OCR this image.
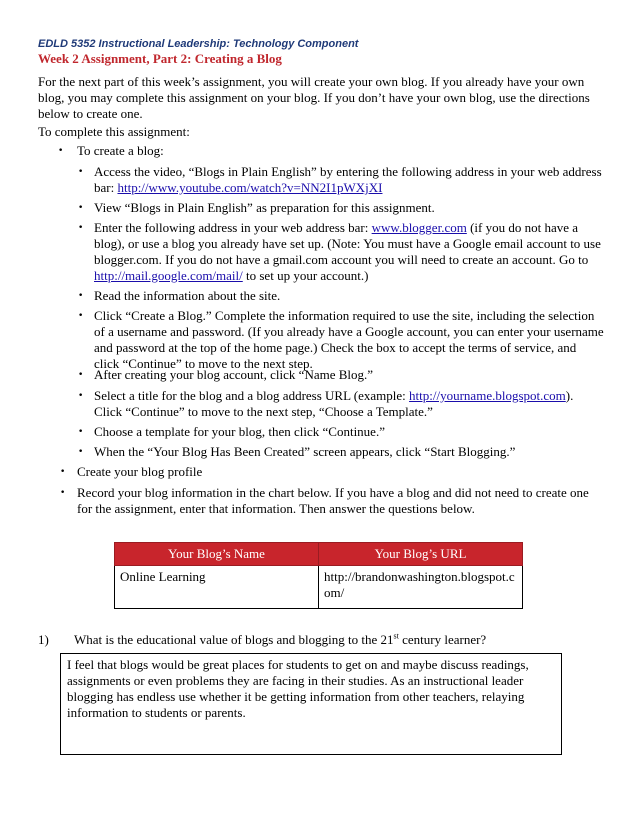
EDLD 5352 Instructional Leadership: Technology Component
Week 2 Assignment, Part 2: Creating a Blog
For the next part of this week’s assignment, you will create your own blog. If you already have your own blog, you may complete this assignment on your blog. If you don’t have your own blog, use the directions below to create one.
To complete this assignment:
• To create a blog:
• Access the video, “Blogs in Plain English” by entering the following address in your web address bar: http://www.youtube.com/watch?v=NN2I1pWXjXI
• View “Blogs in Plain English” as preparation for this assignment.
• Enter the following address in your web address bar: www.blogger.com (if you do not have a blog), or use a blog you already have set up. (Note: You must have a Google email account to use blogger.com. If you do not have a gmail.com account you will need to create an account. Go to http://mail.google.com/mail/ to set up your account.)
• Read the information about the site.
• Click “Create a Blog.” Complete the information required to use the site, including the selection of a username and password. (If you already have a Google account, you can enter your username and password at the top of the home page.) Check the box to accept the terms of service, and click “Continue” to move to the next step.
• After creating your blog account, click “Name Blog.”
• Select a title for the blog and a blog address URL (example: http://yourname.blogspot.com). Click “Continue” to move to the next step, “Choose a Template.”
• Choose a template for your blog, then click “Continue.”
• When the “Your Blog Has Been Created” screen appears, click “Start Blogging.”
• Create your blog profile
• Record your blog information in the chart below. If you have a blog and did not need to create one for the assignment, enter that information. Then answer the questions below.
Your Blog’s Name	Your Blog’s URL
Online Learning	http://brandonwashington.blogspot.com/
1) What is the educational value of blogs and blogging to the 21st century learner?
I feel that blogs would be great places for students to get on and maybe discuss readings, assignments or even problems they are facing in their studies. As an instructional leader blogging has endless use whether it be getting information from other teachers, relaying information to students or parents.
